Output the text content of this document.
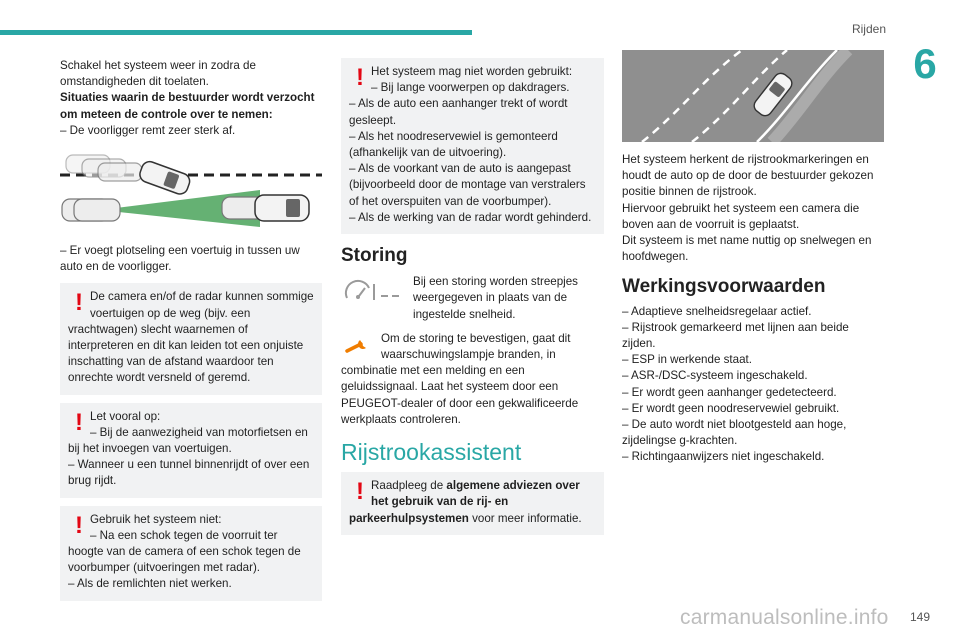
Rijden
6

Schakel het systeem weer in zodra de omstandigheden dit toelaten.

Situaties waarin de bestuurder wordt verzocht om meteen de controle over te nemen:

– De voorligger remt zeer sterk af.

– Er voegt plotseling een voertuig in tussen uw auto en de voorligger.

! De camera en/of de radar kunnen sommige voertuigen op de weg (bijv. een vrachtwagen) slecht waarnemen of interpreteren en dit kan leiden tot een onjuiste inschatting van de afstand waardoor ten onrechte wordt versneld of geremd.

! Let vooral op:

– Bij de aanwezigheid van motorfietsen en bij het invoegen van voertuigen.

– Wanneer u een tunnel binnenrijdt of over een brug rijdt.

! Gebruik het systeem niet:

– Na een schok tegen de voorruit ter hoogte van de camera of een schok tegen de voorbumper (uitvoeringen met radar).

– Als de remlichten niet werken.

! Het systeem mag niet worden gebruikt:

– Bij lange voorwerpen op dakdragers.

– Als de auto een aanhanger trekt of wordt gesleept.

– Als het noodreservewiel is gemonteerd (afhankelijk van de uitvoering).

– Als de voorkant van de auto is aangepast (bijvoorbeeld door de montage van verstralers of het overspuiten van de voorbumper).

– Als de werking van de radar wordt gehinderd.

Storing

Bij een storing worden streepjes weergegeven in plaats van de ingestelde snelheid.

Om de storing te bevestigen, gaat dit waarschuwingslampje branden, in combinatie met een melding en een geluidssignaal. Laat het systeem door een PEUGEOT-dealer of door een gekwalificeerde werkplaats controleren.

Rijstrookassistent
! Raadpleeg de algemene adviezen over het gebruik van de rij- en parkeerhulpsystemen voor meer informatie.

Het systeem herkent de rijstrookmarkeringen en houdt de auto op de door de bestuurder gekozen positie binnen de rijstrook.

Hiervoor gebruikt het systeem een camera die boven aan de voorruit is geplaatst.

Dit systeem is met name nuttig op snelwegen en hoofdwegen.

Werkingsvoorwaarden

– Adaptieve snelheidsregelaar actief.

– Rijstrook gemarkeerd met lijnen aan beide zijden.

– ESP in werkende staat.

– ASR-/DSC-systeem ingeschakeld.

– Er wordt geen aanhanger gedetecteerd.

– Er wordt geen noodreservewiel gebruikt.

– De auto wordt niet blootgesteld aan hoge, zijdelingse g-krachten.

– Richtingaanwijzers niet ingeschakeld.

carmanualsonline.info 149
